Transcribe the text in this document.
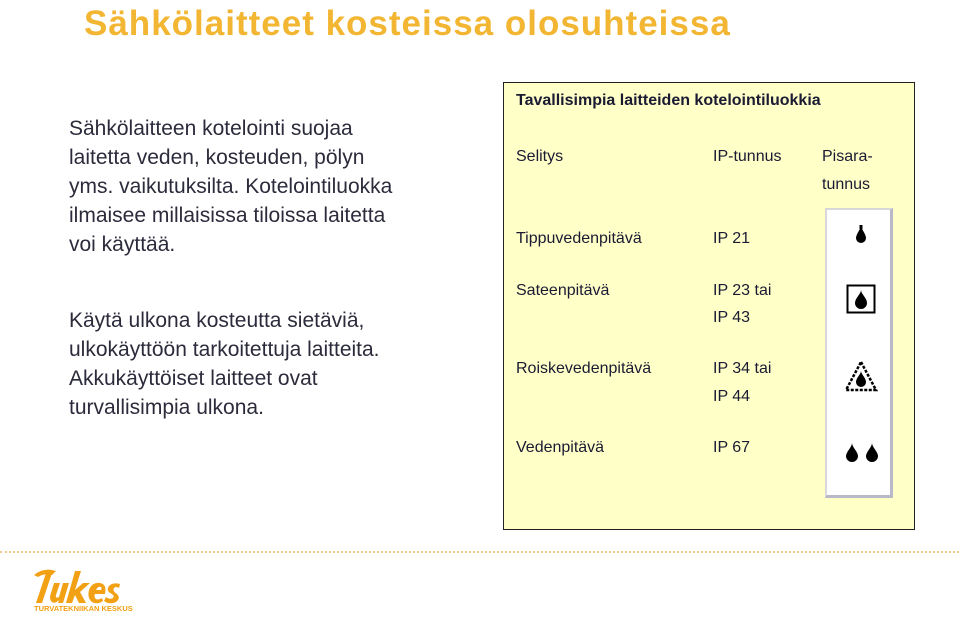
Sähkölaitteet kosteissa olosuhteissa
Sähkölaitteen kotelointi suojaa
laitetta veden, kosteuden, pölyn
yms. vaikutuksilta. Kotelointiluokka
ilmaisee millaisissa tiloissa laitetta
voi käyttää.
Käytä ulkona kosteutta sietäviä,
ulkokäyttöön tarkoitettuja laitteita.
Akkukäyttöiset laitteet ovat
turvallisimpia ulkona.
Tavallisimpia laitteiden kotelointiluokkia
Selitys	IP-tunnus	Pisara-
tunnus
Tippuvedenpitävä	IP 21
Sateenpitävä	IP 23 tai
IP 43
Roiskevedenpitävä	IP 34 tai
IP 44
Vedenpitävä	IP 67
TURVATEKNIIKAN KESKUS
